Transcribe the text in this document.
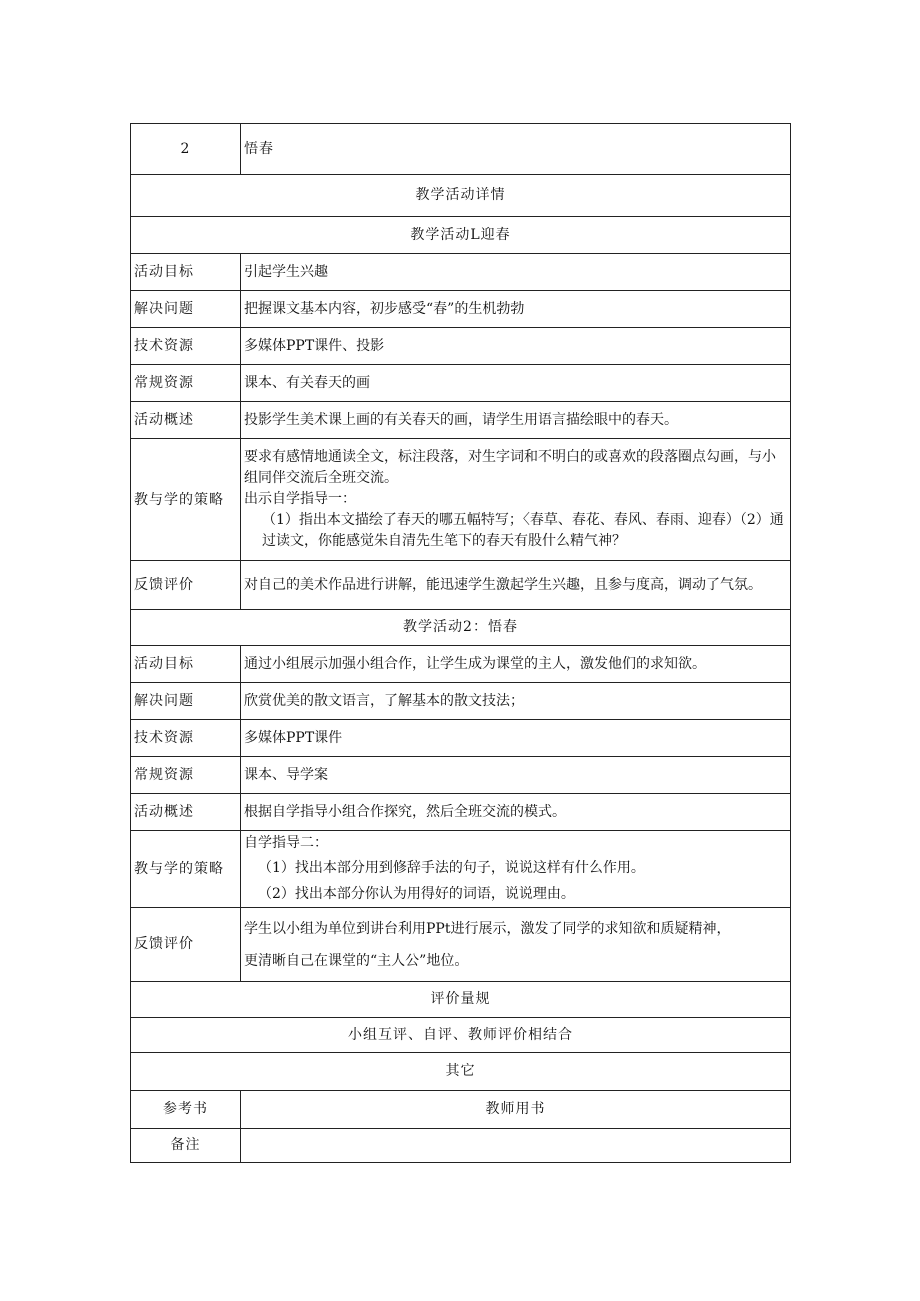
2	悟春
教学活动详情	
教学活动L迎春	
活动目标	引起学生兴趣
解决问题	把握课文基本内容，初步感受“春”的生机勃勃
技术资源	多媒体PPT课件、投影
常规资源	课本、有关春天的画
活动概述	投影学生美术课上画的有关春天的画，请学生用语言描绘眼中的春天。
教与学的策略	要求有感情地通读全文，标注段落，对生字词和不明白的或喜欢的段落圈点勾画，与小组同伴交流后全班交流。
出示自学指导一：
（1）指出本文描绘了春天的哪五幅特写；〈春草、春花、春风、春雨、迎春）（2）通过读文，你能感觉朱自清先生笔下的春天有股什么精气神？

反馈评价	对自己的美术作品进行讲解，能迅速学生激起学生兴趣，且参与度高，调动了气氛。
教学活动2：悟春	
活动目标	通过小组展示加强小组合作，让学生成为课堂的主人，激发他们的求知欲。
解决问题	欣赏优美的散文语言，了解基本的散文技法；
技术资源	多媒体PPT课件
常规资源	课本、导学案
活动概述	根据自学指导小组合作探究，然后全班交流的模式。
教与学的策略	自学指导二：
（1）找出本部分用到修辞手法的句子，说说这样有什么作用。
（2）找出本部分你认为用得好的词语，说说理由。

反馈评价	学生以小组为单位到讲台利用PPt进行展示，激发了同学的求知欲和质疑精神，
更清晰自己在课堂的“主人公”地位。

评价量规	
小组互评、自评、教师评价相结合	
其它	
参考书	教师用书
备注	
